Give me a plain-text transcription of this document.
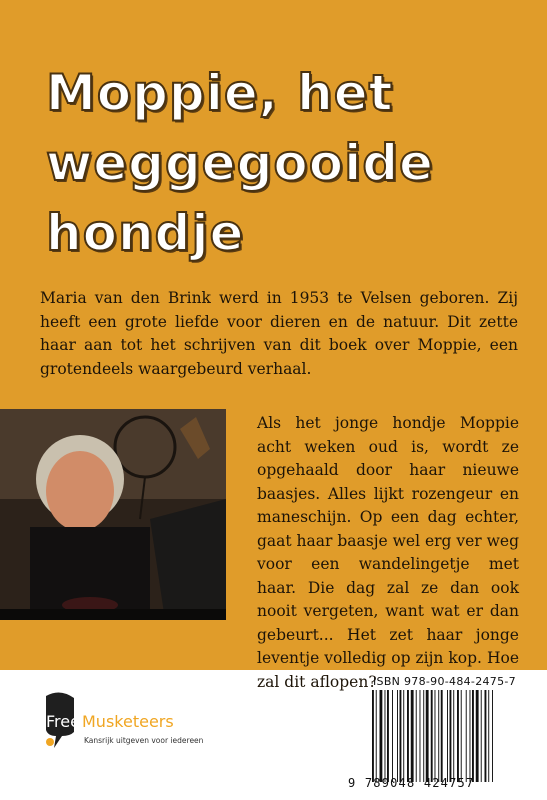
Moppie, het
weggegooide
hondje

Maria van den Brink werd in 1953 te Velsen geboren. Zij heeft een grote liefde voor dieren en de natuur. Dit zette haar aan tot het schrijven van dit boek over Moppie, een grotendeels waargebeurd verhaal.

Als het jonge hondje Moppie acht weken oud is, wordt ze opgehaald door haar nieuwe baasjes. Alles lijkt rozengeur en maneschijn. Op een dag echter, gaat haar baasje wel erg ver weg voor een wandelingetje met haar. Die dag zal ze dan ook nooit vergeten, want wat er dan gebeurt... Het zet haar jonge leventje volledig op zijn kop. Hoe zal dit aflopen?

Free Musketeers
Kansrijk uitgeven voor iedereen
ISBN 978-90-484-2475-7
9 789048 424757
